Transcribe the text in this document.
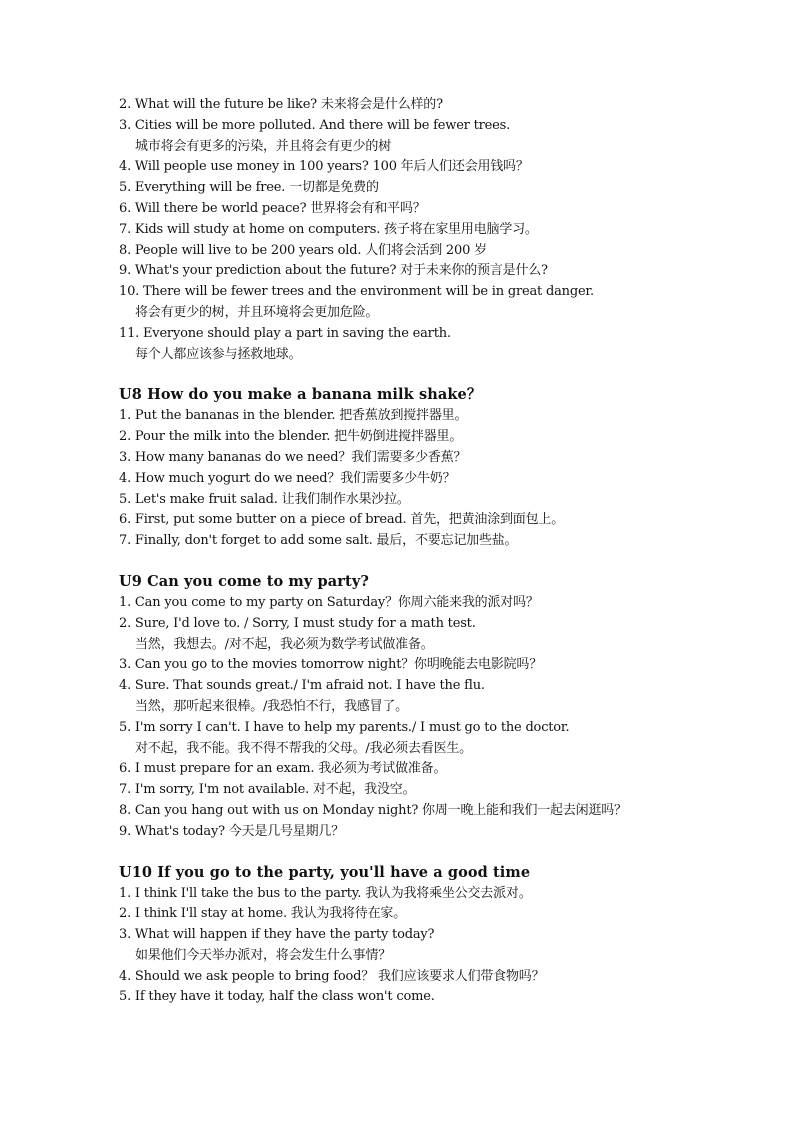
2. What will the future be like? 未来将会是什么样的?
3. Cities will be more polluted. And there will be fewer trees.
城市将会有更多的污染，并且将会有更少的树
4. Will people use money in 100 years? 100 年后人们还会用钱吗？
5. Everything will be free. 一切都是免费的
6. Will there be world peace? 世界将会有和平吗？
7. Kids will study at home on computers. 孩子将在家里用电脑学习。
8. People will live to be 200 years old. 人们将会活到 200 岁
9. What's your prediction about the future? 对于未来你的预言是什么?
10. There will be fewer trees and the environment will be in great danger.
将会有更少的树，并且环境将会更加危险。
11. Everyone should play a part in saving the earth.
每个人都应该参与拯救地球。
U8 How do you make a banana milk shake？
1. Put the bananas in the blender. 把香蕉放到搅拌器里。
2. Pour the milk into the blender. 把牛奶倒进搅拌器里。
3. How many bananas do we need？我们需要多少香蕉？
4. How much yogurt do we need？我们需要多少牛奶？
5. Let's make fruit salad. 让我们制作水果沙拉。
6. First, put some butter on a piece of bread. 首先，把黄油涂到面包上。
7. Finally, don't forget to add some salt. 最后，不要忘记加些盐。
U9 Can you come to my party?
1. Can you come to my party on Saturday？你周六能来我的派对吗？
2. Sure, I'd love to. / Sorry, I must study for a math test.
当然，我想去。/对不起，我必须为数学考试做准备。
3. Can you go to the movies tomorrow night？你明晚能去电影院吗？
4. Sure. That sounds great./ I'm afraid not. I have the flu.
当然，那听起来很棒。/我恐怕不行，我感冒了。
5. I'm sorry I can't. I have to help my parents./ I must go to the doctor.
对不起，我不能。我不得不帮我的父母。/我必须去看医生。
6. I must prepare for an exam. 我必须为考试做准备。
7. I'm sorry, I'm not available. 对不起，我没空。
8. Can you hang out with us on Monday night? 你周一晚上能和我们一起去闲逛吗？
9. What's today? 今天是几号星期几？
U10 If you go to the party, you'll have a good time
1. I think I'll take the bus to the party. 我认为我将乘坐公交去派对。
2. I think I'll stay at home. 我认为我将待在家。
3. What will happen if they have the party today?
如果他们今天举办派对，将会发生什么事情？
4. Should we ask people to bring food？ 我们应该要求人们带食物吗？
5. If they have it today, half the class won't come.
